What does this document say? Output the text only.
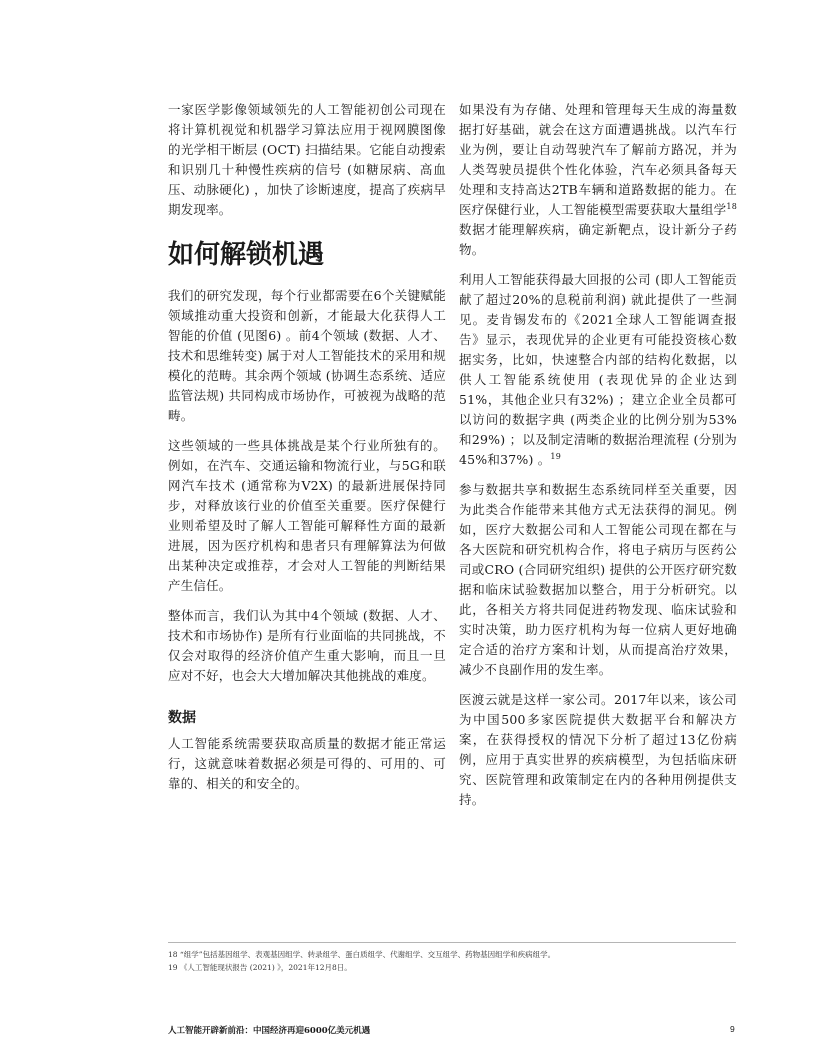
一家医学影像领域领先的人工智能初创公司现在将计算机视觉和机器学习算法应用于视网膜图像的光学相干断层 (OCT) 扫描结果。它能自动搜索和识别几十种慢性疾病的信号 (如糖尿病、高血压、动脉硬化) ，加快了诊断速度，提高了疾病早期发现率。

如何解锁机遇

我们的研究发现，每个行业都需要在6个关键赋能领域推动重大投资和创新，才能最大化获得人工智能的价值 (见图6) 。前4个领域 (数据、人才、技术和思维转变) 属于对人工智能技术的采用和规模化的范畴。其余两个领域 (协调生态系统、适应监管法规) 共同构成市场协作，可被视为战略的范畴。

这些领域的一些具体挑战是某个行业所独有的。例如，在汽车、交通运输和物流行业，与5G和联网汽车技术 (通常称为V2X) 的最新进展保持同步，对释放该行业的价值至关重要。医疗保健行业则希望及时了解人工智能可解释性方面的最新进展，因为医疗机构和患者只有理解算法为何做出某种决定或推荐，才会对人工智能的判断结果产生信任。

整体而言，我们认为其中4个领域 (数据、人才、技术和市场协作) 是所有行业面临的共同挑战，不仅会对取得的经济价值产生重大影响，而且一旦应对不好，也会大大增加解决其他挑战的难度。

数据

人工智能系统需要获取高质量的数据才能正常运行，这就意味着数据必须是可得的、可用的、可靠的、相关的和安全的。

如果没有为存储、处理和管理每天生成的海量数据打好基础，就会在这方面遭遇挑战。以汽车行业为例，要让自动驾驶汽车了解前方路况，并为人类驾驶员提供个性化体验，汽车必须具备每天处理和支持高达2TB车辆和道路数据的能力。在医疗保健行业，人工智能模型需要获取大量组学$^{18}$数据才能理解疾病，确定新靶点，设计新分子药物。

利用人工智能获得最大回报的公司 (即人工智能贡献了超过20%的息税前利润) 就此提供了一些洞见。麦肯锡发布的《2021全球人工智能调查报告》显示，表现优异的企业更有可能投资核心数据实务，比如，快速整合内部的结构化数据，以供人工智能系统使用 (表现优异的企业达到51%，其他企业只有32%) ；建立企业全员都可以访问的数据字典 (两类企业的比例分别为53%和29%) ；以及制定清晰的数据治理流程 (分别为45%和37%) 。$^{19}$

参与数据共享和数据生态系统同样至关重要，因为此类合作能带来其他方式无法获得的洞见。例如，医疗大数据公司和人工智能公司现在都在与各大医院和研究机构合作，将电子病历与医药公司或CRO (合同研究组织) 提供的公开医疗研究数据和临床试验数据加以整合，用于分析研究。以此，各相关方将共同促进药物发现、临床试验和实时决策，助力医疗机构为每一位病人更好地确定合适的治疗方案和计划，从而提高治疗效果，减少不良副作用的发生率。

医渡云就是这样一家公司。2017年以来，该公司为中国500多家医院提供大数据平台和解决方案，在获得授权的情况下分析了超过13亿份病例，应用于真实世界的疾病模型，为包括临床研究、医院管理和政策制定在内的各种用例提供支持。

18 “组学”包括基因组学、表观基因组学、转录组学、蛋白质组学、代谢组学、交互组学、药物基因组学和疾病组学。
19 《人工智能现状报告 (2021) 》，2021年12月8日。
人工智能开辟新前沿：中国经济再迎6000亿美元机遇	9
